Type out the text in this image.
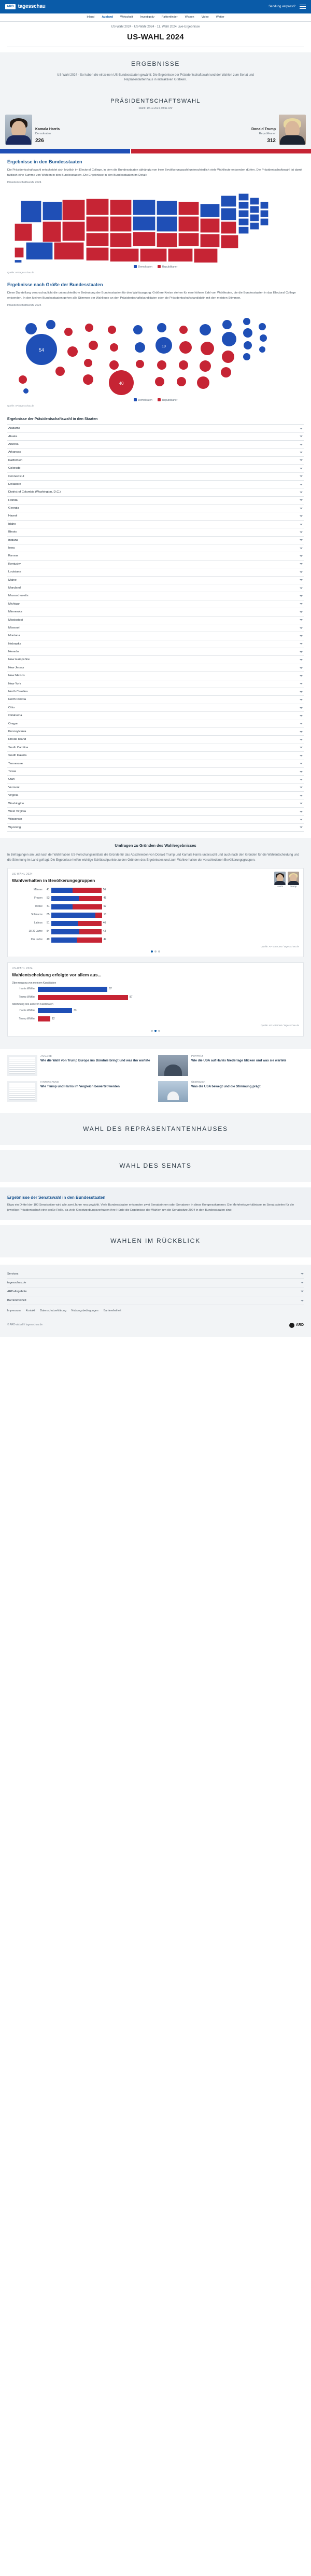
ARD tagesschau	Sendung verpasst?
Inland	Ausland	Wirtschaft	Investigativ	Faktenfinder	Wissen	Video	Wetter
US-Wahl 2024 · US-Wahl 2024 · 11. Wahl 2024 Live-Ergebnisse
US-WAHL 2024
ERGEBNISSE
US-Wahl 2024 - So haben die einzelnen US-Bundesstaaten gewählt: Die Ergebnisse der Präsidentschaftswahl und der Wahlen zum Senat und Repräsentantenhaus in interaktiven Grafiken.
PRÄSIDENTSCHAFTSWAHL
Stand: 19.12.2024, 08:11 Uhr
Kamala Harris
Demokraten
226
Donald Trump
Republikaner
312
Ergebnisse in den Bundesstaaten

Die Präsidentschaftswahl entscheidet sich letztlich im Electoral College, in dem die Bundesstaaten abhängig von ihrer Bevölkerungszahl unterschiedlich viele Wahlleute entsenden dürfen. Die Präsidentschaftswahl ist damit faktisch eine Summe von Wahlen in den Bundesstaaten. Die Ergebnisse in den Bundesstaaten im Detail:

Präsidentschaftswahl 2024
Demokraten	Republikaner
Quelle: AP/tagesschau.de
Ergebnisse nach Größe der Bundesstaaten

Diese Darstellung veranschaulicht die unterschiedliche Bedeutung der Bundesstaaten für den Wahlausgang: Größere Kreise stehen für eine höhere Zahl von Wahlleuten, die die Bundesstaaten in das Electoral College entsenden. In den kleinen Bundesstaaten gehen alle Stimmen der Wahlleute an den Präsidentschaftskandidaten oder die Präsidentschaftskandidatin mit den meisten Stimmen.

Präsidentschaftswahl 2024
54
40
19
Demokraten	Republikaner
Quelle: AP/tagesschau.de
Ergebnisse der Präsidentschaftswahl in den Staaten
Alabama
Alaska
Arizona
Arkansas
Kalifornien
Colorado
Connecticut
Delaware
District of Columbia (Washington, D.C.)
Florida
Georgia
Hawaii
Idaho
Illinois
Indiana
Iowa
Kansas
Kentucky
Louisiana
Maine
Maryland
Massachusetts
Michigan
Minnesota
Mississippi
Missouri
Montana
Nebraska
Nevada
New Hampshire
New Jersey
New Mexico
New York
North Carolina
North Dakota
Ohio
Oklahoma
Oregon
Pennsylvania
Rhode Island
South Carolina
South Dakota
Tennessee
Texas
Utah
Vermont
Virginia
Washington
West Virginia
Wisconsin
Wyoming
Umfragen zu Gründen des Wahlergebnisses
In Befragungen am und nach der Wahl haben US-Forschungsinstitute die Gründe für das Abschneiden von Donald Trump und Kamala Harris untersucht und auch nach den Gründen für die Wahlentscheidung und die Stimmung im Land gefragt. Die Ergebnisse helfen wichtige Schlüsselpunkte zu den Gründen des Ergebnisses und zum Wahlverhalten der verschiedenen Bevölkerungsgruppen.
US-WAHL 2024
Wahlverhalten in Bevölkerungsgruppen
Harris	Trump
Männer	41	56
Frauen	53	45
Weiße	41	57
Schwarze	85	13
Latinos	51	46
18-29 Jahre	54	43
65+ Jahre	49	49
Quelle: AP VoteCast / tagesschau.de
US-WAHL 2024
Wahlentscheidung erfolgte vor allem aus...
Überzeugung von meinem Kandidaten
Harris Wähler	67
Trump Wähler	87
Ablehnung des anderen Kandidaten
Harris Wähler	33
Trump Wähler	12
Quelle: AP VoteCast / tagesschau.de
ANALYSE
Wie die Wahl von Trump Europa ins Bündnis bringt und was ihn wartete
PORTRÄT
Wie die USA auf Harris Niederlage blicken und was sie wartete
HINTERGRUND
Wie Trump und Harris im Vergleich bewertet werden
ÜBERBLICK
Was die USA bewegt und die Stimmung prägt
WAHL DES REPRÄSENTANTENHAUSES
WAHL DES SENATS
Ergebnisse der Senatswahl in den Bundesstaaten

Etwa ein Drittel der 100 Senatssitze wird alle zwei Jahre neu gewählt. Viele Bundesstaaten entsenden zwei Senatorinnen oder Senatoren in diese Kongresskammer. Die Mehrheitsverhältnisse im Senat spielen für die jeweilige Präsidentschaft eine große Rolle, da viele Gesetzgebungsvorhaben ihre Hürde die Ergebnisse der Wahlen um die Senatssitze 2024 in den Bundesstaaten sind:

WAHLEN IM RÜCKBLICK
Services
tagesschau.de
ARD-Angebote
Barrierefreiheit
Impressum Kontakt Datenschutzerklärung Nutzungsbedingungen Barrierefreiheit
© ARD-aktuell / tagesschau.de	ARD
